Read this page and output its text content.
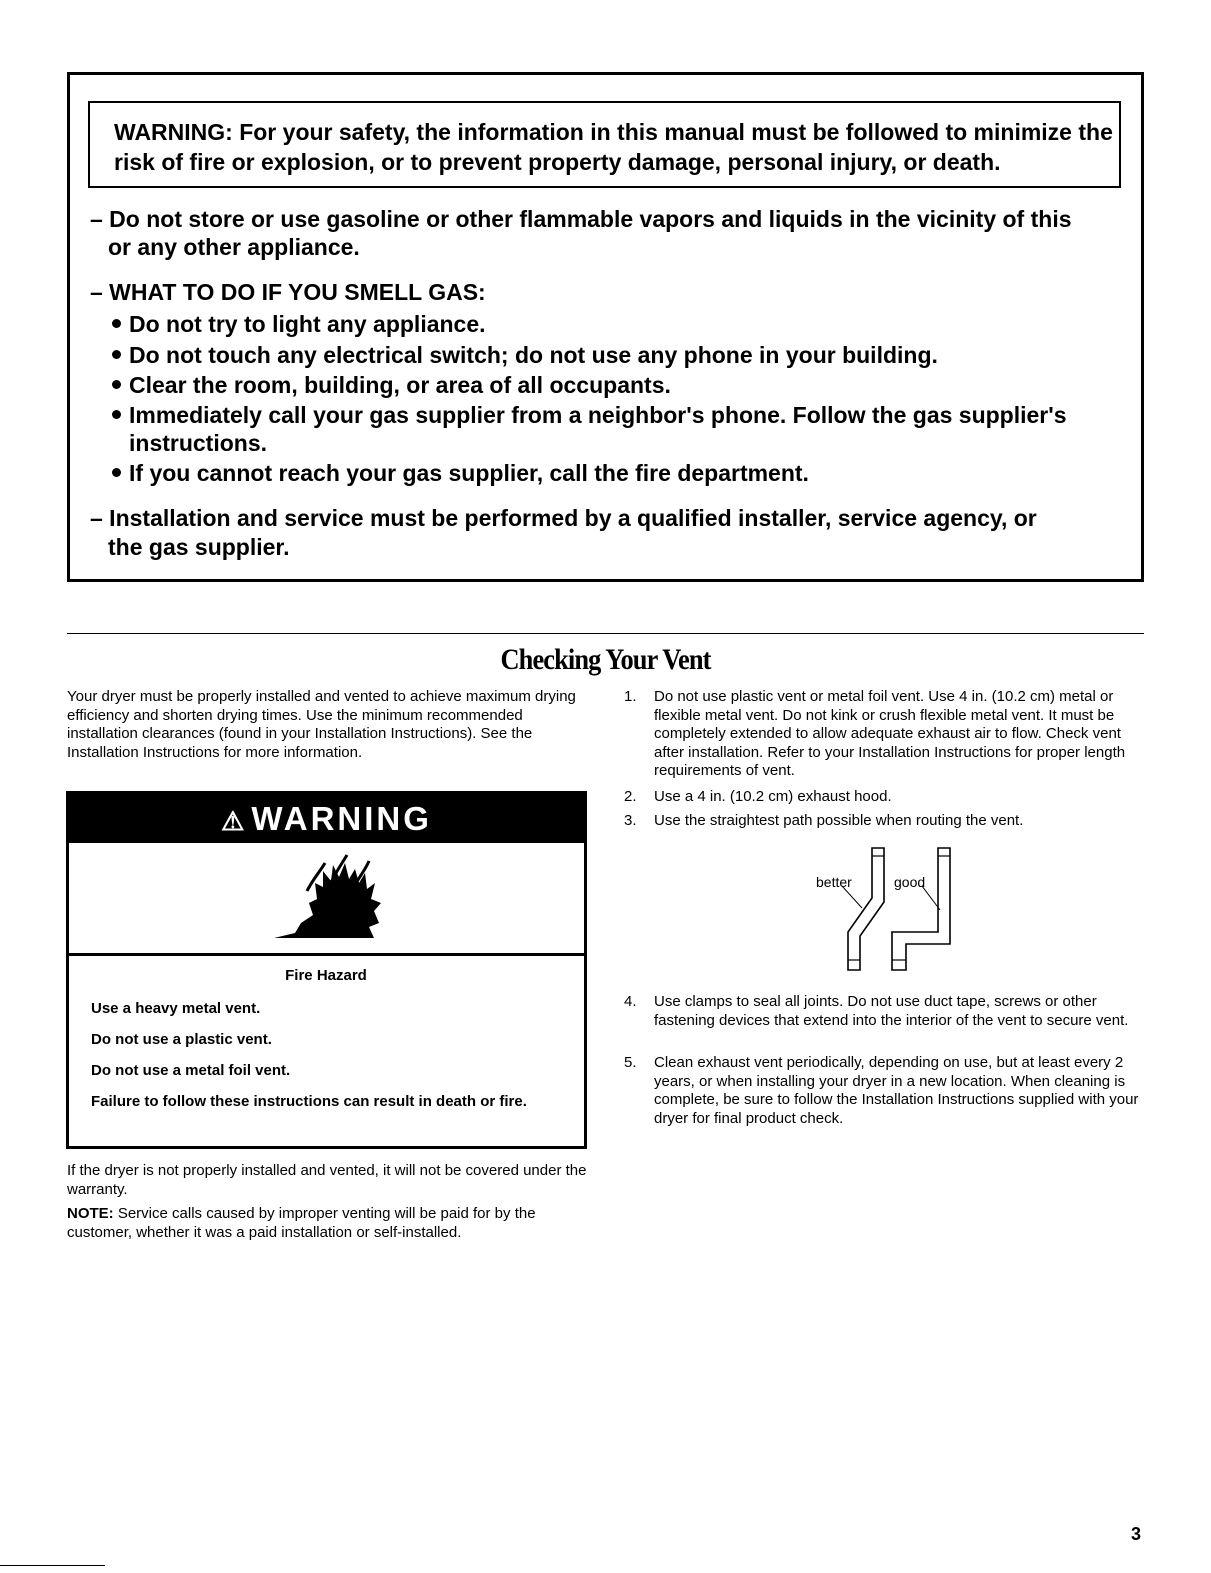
WARNING: For your safety, the information in this manual must be followed to minimize the risk of fire or explosion, or to prevent property damage, personal injury, or death.

– Do not store or use gasoline or other flammable vapors and liquids in the vicinity of this
or any other appliance.
– WHAT TO DO IF YOU SMELL GAS:
Do not try to light any appliance.
Do not touch any electrical switch; do not use any phone in your building.
Clear the room, building, or area of all occupants.
Immediately call your gas supplier from a neighbor's phone. Follow the gas supplier's
instructions.
If you cannot reach your gas supplier, call the fire department.
– Installation and service must be performed by a qualified installer, service agency, or
the gas supplier.
Checking Your Vent

Your dryer must be properly installed and vented to achieve maximum drying efficiency and shorten drying times. Use the minimum recommended installation clearances (found in your Installation Instructions). See the Installation Instructions for more information.

⚠ WARNING

Fire Hazard

Use a heavy metal vent.

Do not use a plastic vent.

Do not use a metal foil vent.

Failure to follow these instructions can result in death or fire.

If the dryer is not properly installed and vented, it will not be covered under the warranty.

NOTE: Service calls caused by improper venting will be paid for by the customer, whether it was a paid installation or self-installed.

1. Do not use plastic vent or metal foil vent. Use 4 in. (10.2 cm) metal or flexible metal vent. Do not kink or crush flexible metal vent. It must be completely extended to allow adequate exhaust air to flow. Check vent after installation. Refer to your Installation Instructions for proper length requirements of vent.
2. Use a 4 in. (10.2 cm) exhaust hood.
3. Use the straightest path possible when routing the vent.
better	good
4. Use clamps to seal all joints. Do not use duct tape, screws or other fastening devices that extend into the interior of the vent to secure vent.
5. Clean exhaust vent periodically, depending on use, but at least every 2 years, or when installing your dryer in a new location. When cleaning is complete, be sure to follow the Installation Instructions supplied with your dryer for final product check.
3
